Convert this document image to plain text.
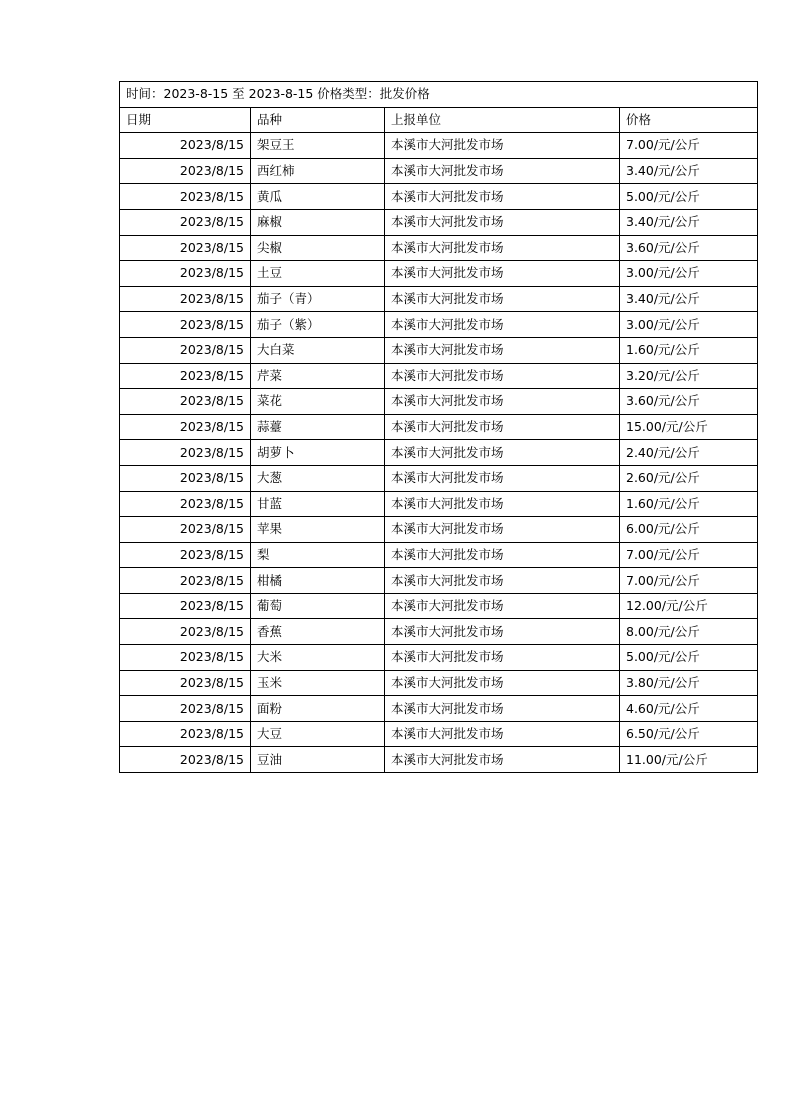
时间：2023-8-15 至 2023-8-15 价格类型：批发价格			
日期	品种	上报单位	价格
2023/8/15	架豆王	本溪市大河批发市场	7.00/元/公斤
2023/8/15	西红柿	本溪市大河批发市场	3.40/元/公斤
2023/8/15	黄瓜	本溪市大河批发市场	5.00/元/公斤
2023/8/15	麻椒	本溪市大河批发市场	3.40/元/公斤
2023/8/15	尖椒	本溪市大河批发市场	3.60/元/公斤
2023/8/15	土豆	本溪市大河批发市场	3.00/元/公斤
2023/8/15	茄子（青）	本溪市大河批发市场	3.40/元/公斤
2023/8/15	茄子（紫）	本溪市大河批发市场	3.00/元/公斤
2023/8/15	大白菜	本溪市大河批发市场	1.60/元/公斤
2023/8/15	芹菜	本溪市大河批发市场	3.20/元/公斤
2023/8/15	菜花	本溪市大河批发市场	3.60/元/公斤
2023/8/15	蒜薹	本溪市大河批发市场	15.00/元/公斤
2023/8/15	胡萝卜	本溪市大河批发市场	2.40/元/公斤
2023/8/15	大葱	本溪市大河批发市场	2.60/元/公斤
2023/8/15	甘蓝	本溪市大河批发市场	1.60/元/公斤
2023/8/15	苹果	本溪市大河批发市场	6.00/元/公斤
2023/8/15	梨	本溪市大河批发市场	7.00/元/公斤
2023/8/15	柑橘	本溪市大河批发市场	7.00/元/公斤
2023/8/15	葡萄	本溪市大河批发市场	12.00/元/公斤
2023/8/15	香蕉	本溪市大河批发市场	8.00/元/公斤
2023/8/15	大米	本溪市大河批发市场	5.00/元/公斤
2023/8/15	玉米	本溪市大河批发市场	3.80/元/公斤
2023/8/15	面粉	本溪市大河批发市场	4.60/元/公斤
2023/8/15	大豆	本溪市大河批发市场	6.50/元/公斤
2023/8/15	豆油	本溪市大河批发市场	11.00/元/公斤
